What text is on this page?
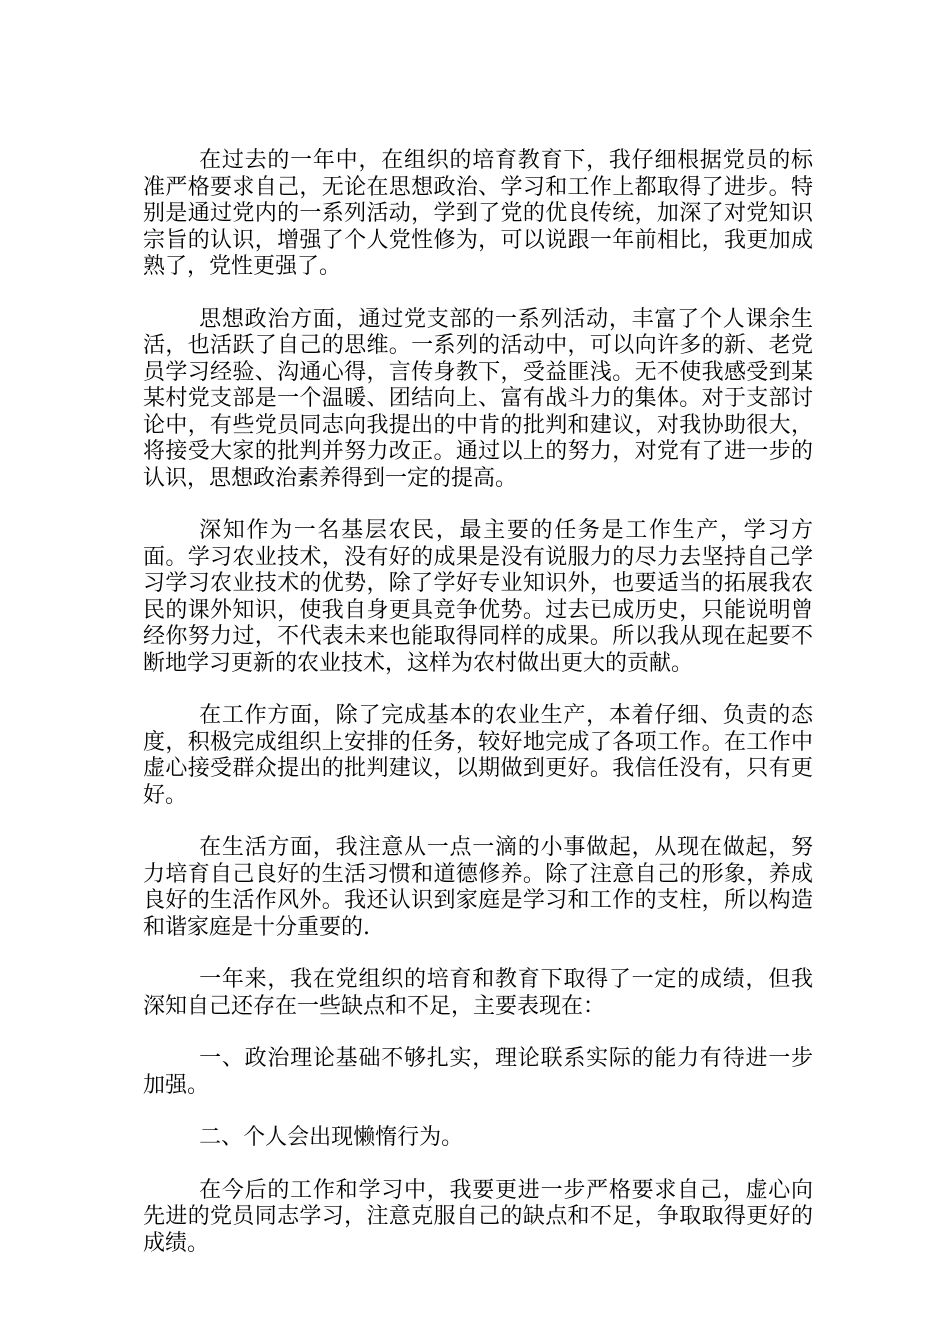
在过去的一年中，在组织的培育教育下，我仔细根据党员的标准严格要求自己，无论在思想政治、学习和工作上都取得了进步。特别是通过党内的一系列活动，学到了党的优良传统，加深了对党知识宗旨的认识，增强了个人党性修为，可以说跟一年前相比，我更加成熟了，党性更强了。

思想政治方面，通过党支部的一系列活动，丰富了个人课余生活，也活跃了自己的思维。一系列的活动中，可以向许多的新、老党员学习经验、沟通心得，言传身教下，受益匪浅。无不使我感受到某某村党支部是一个温暖、团结向上、富有战斗力的集体。对于支部讨论中，有些党员同志向我提出的中肯的批判和建议，对我协助很大，将接受大家的批判并努力改正。通过以上的努力，对党有了进一步的认识，思想政治素养得到一定的提高。

深知作为一名基层农民，最主要的任务是工作生产，学习方面。学习农业技术，没有好的成果是没有说服力的尽力去坚持自己学习学习农业技术的优势，除了学好专业知识外，也要适当的拓展我农民的课外知识，使我自身更具竞争优势。过去已成历史，只能说明曾经你努力过，不代表未来也能取得同样的成果。所以我从现在起要不断地学习更新的农业技术，这样为农村做出更大的贡献。

在工作方面，除了完成基本的农业生产，本着仔细、负责的态度，积极完成组织上安排的任务，较好地完成了各项工作。在工作中虚心接受群众提出的批判建议，以期做到更好。我信任没有，只有更好。

在生活方面，我注意从一点一滴的小事做起，从现在做起，努力培育自己良好的生活习惯和道德修养。除了注意自己的形象，养成良好的生活作风外。我还认识到家庭是学习和工作的支柱，所以构造和谐家庭是十分重要的.

一年来，我在党组织的培育和教育下取得了一定的成绩，但我深知自己还存在一些缺点和不足，主要表现在：

一、政治理论基础不够扎实，理论联系实际的能力有待进一步加强。

二、个人会出现懒惰行为。

在今后的工作和学习中，我要更进一步严格要求自己，虚心向先进的党员同志学习，注意克服自己的缺点和不足，争取取得更好的成绩。
